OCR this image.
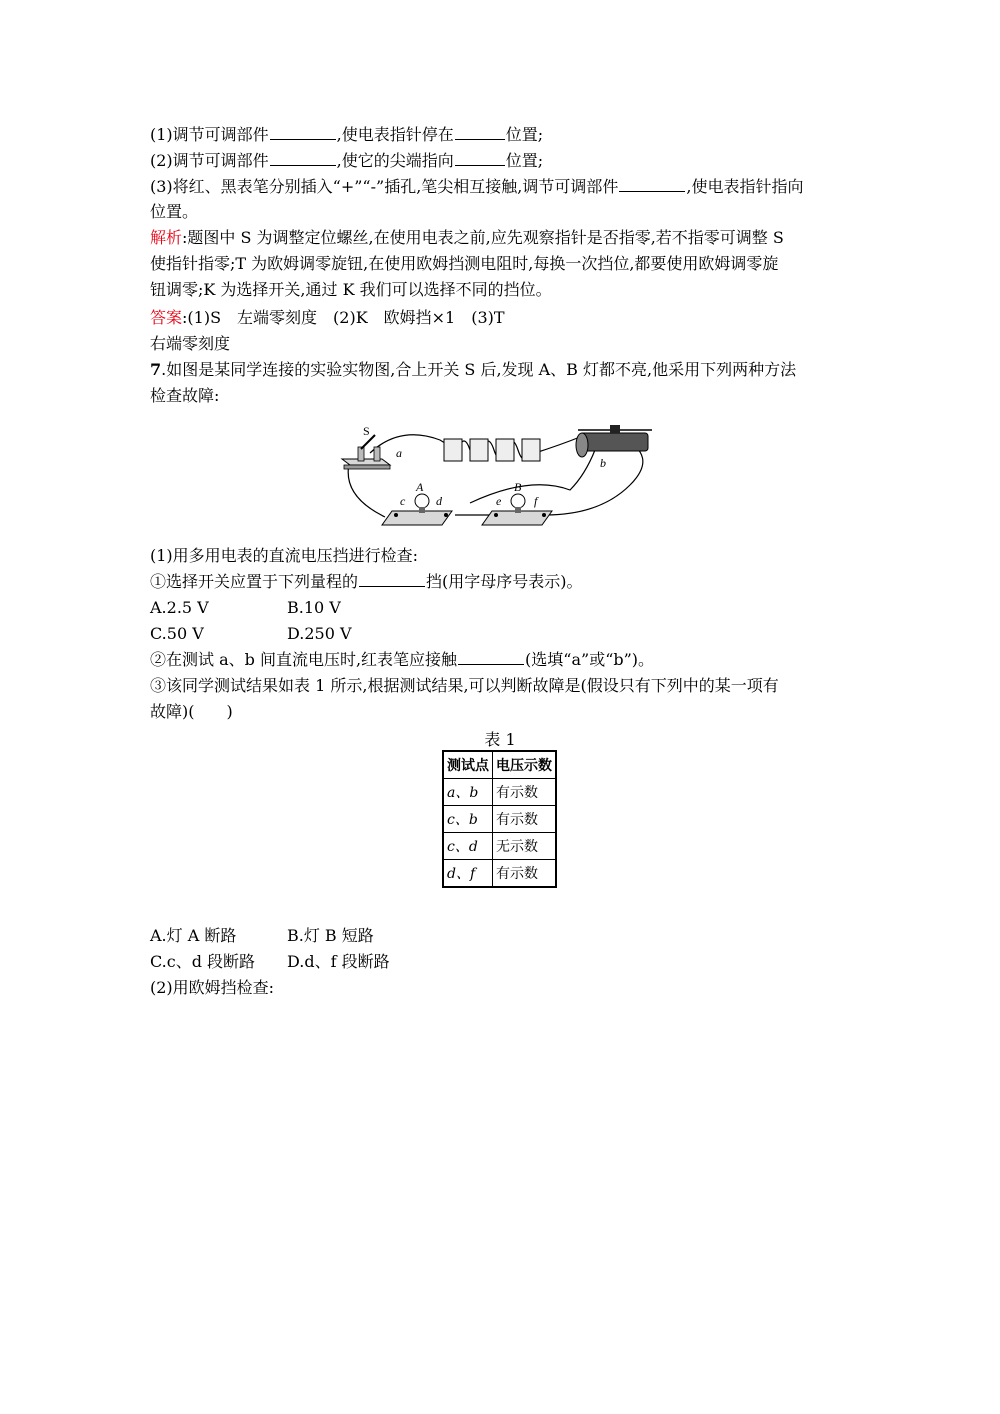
(1)调节可调部件	,使电表指针停在	位置;
(2)调节可调部件	,使它的尖端指向	位置;
(3)将红、黑表笔分别插入“+”“-”插孔,笔尖相互接触,调节可调部件	,使电表指针指向
位置。
解析:题图中 S 为调整定位螺丝,在使用电表之前,应先观察指针是否指零,若不指零可调整 S
使指针指零;T 为欧姆调零旋钮,在使用欧姆挡测电阻时,每换一次挡位,都要使用欧姆调零旋
钮调零;K 为选择开关,通过 K 我们可以选择不同的挡位。
答案:(1)S　左端零刻度　(2)K　欧姆挡×1　(3)T
右端零刻度
7.如图是某同学连接的实验实物图,合上开关 S 后,发现 A、B 灯都不亮,他采用下列两种方法
检查故障:
S
a
b
c
A
d	e
B
f
(1)用多用电表的直流电压挡进行检查:
①选择开关应置于下列量程的	挡(用字母序号表示)。
A.2.5 V	B.10 V
C.50 V	D.250 V
②在测试 a、b 间直流电压时,红表笔应接触	(选填“a”或“b”)。
③该同学测试结果如表 1 所示,根据测试结果,可以判断故障是(假设只有下列中的某一项有
故障)(　　)
表 1
测试点	电压示数
a、b	有示数
c、b	有示数
c、d	无示数
d、f	有示数
A.灯 A 断路	B.灯 B 短路
C.c、d 段断路 D.d、f 段断路
(2)用欧姆挡检查:
